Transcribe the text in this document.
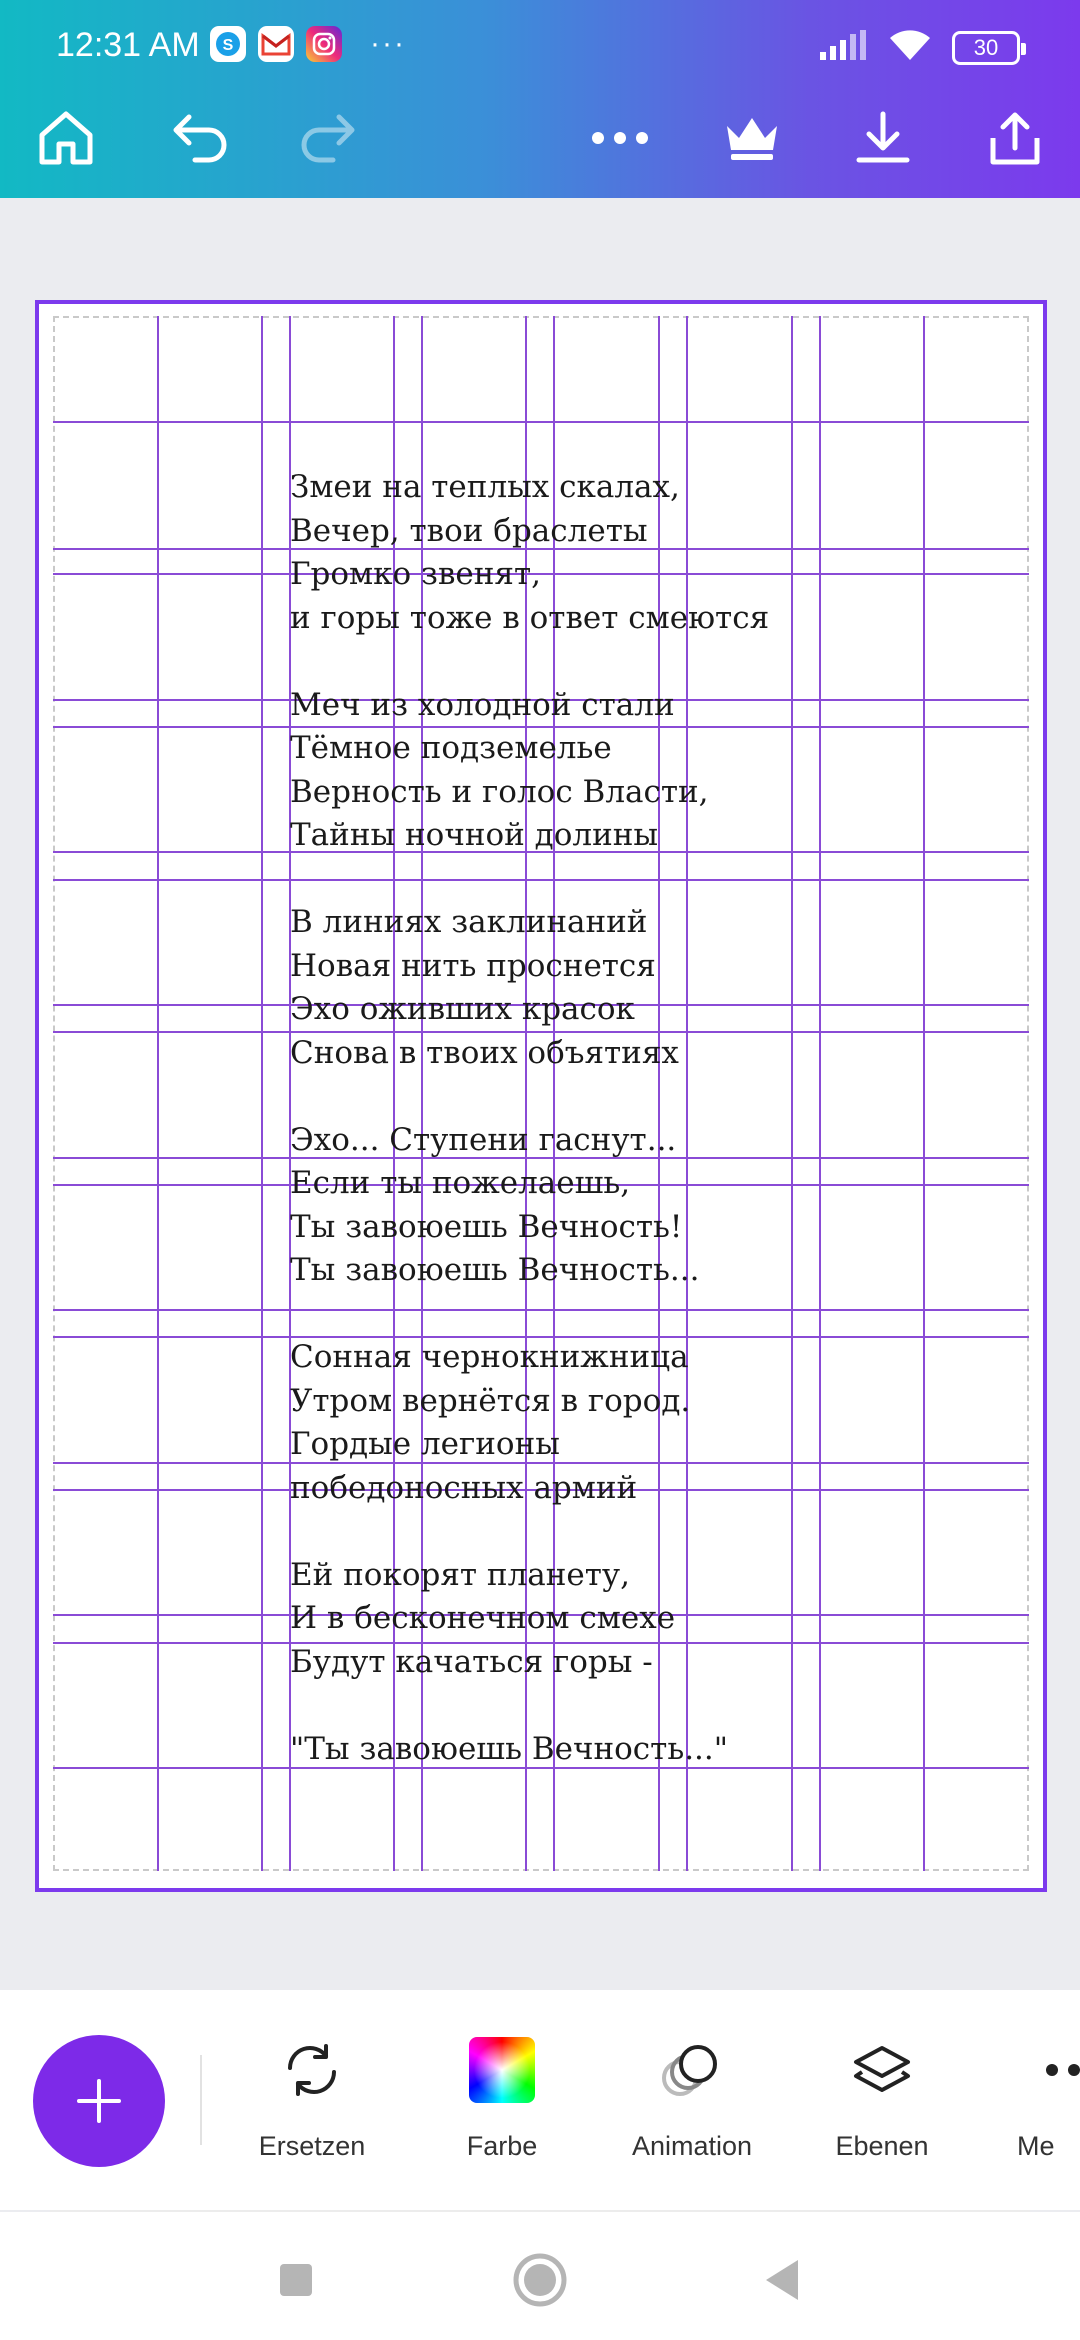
12:31 AM S	···	30
Змеи на теплых скалах,
Вечер, твои браслеты
Громко звенят,
и горы тоже в ответ смеются
Меч из холодной стали
Тёмное подземелье
Верность и голос Власти,
Тайны ночной долины
В линиях заклинаний
Новая нить проснется
Эхо оживших красок
Снова в твоих объятиях
Эхо... Ступени гаснут...
Если ты пожелаешь,
Ты завоюешь Вечность!
Ты завоюешь Вечность...
Сонная чернокнижница
Утром вернётся в город.
Гордые легионы
победоносных армий
Ей покорят планету,
И в бесконечном смехе
Будут качаться горы -
"Ты завоюешь Вечность..."
Ersetzen	Farbe	Animation	Ebenen	Me
